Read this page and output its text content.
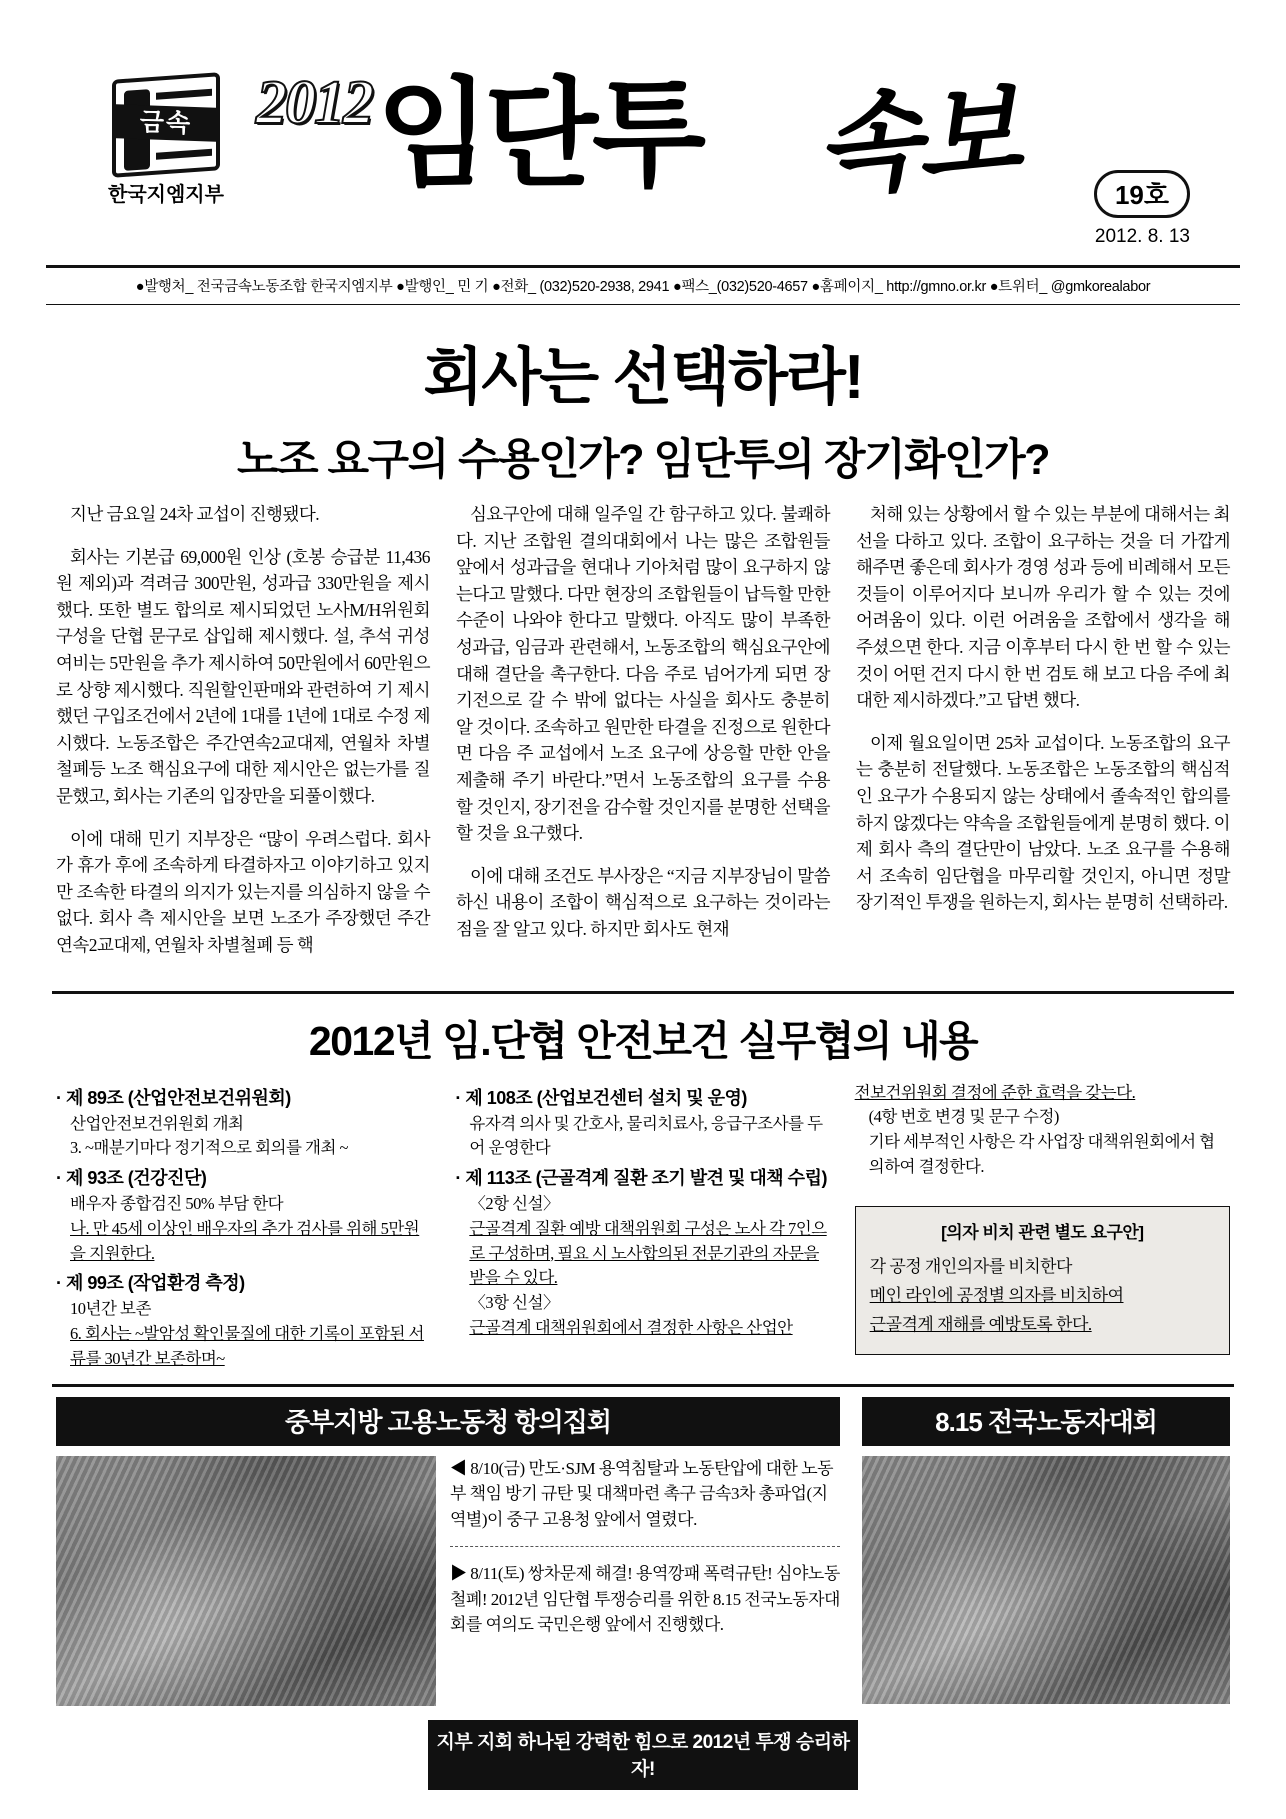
금속
한국지엠지부
2012 임단투 속보	19호
2012. 8. 13
●발행처_ 전국금속노동조합 한국지엠지부 ●발행인_ 민 기 ●전화_ (032)520-2938, 2941 ●팩스_(032)520-4657 ●홈페이지_ http://gmno.or.kr ●트위터_ @gmkorealabor
회사는 선택하라!
노조 요구의 수용인가? 임단투의 장기화인가?

지난 금요일 24차 교섭이 진행됐다.

회사는 기본급 69,000원 인상 (호봉 승급분 11,436원 제외)과 격려금 300만원, 성과급 330만원을 제시했다. 또한 별도 합의로 제시되었던 노사M/H위원회 구성을 단협 문구로 삽입해 제시했다. 설, 추석 귀성여비는 5만원을 추가 제시하여 50만원에서 60만원으로 상향 제시했다. 직원할인판매와 관련하여 기 제시했던 구입조건에서 2년에 1대를 1년에 1대로 수정 제시했다. 노동조합은 주간연속2교대제, 연월차 차별 철폐등 노조 핵심요구에 대한 제시안은 없는가를 질문했고, 회사는 기존의 입장만을 되풀이했다.

이에 대해 민기 지부장은 “많이 우려스럽다. 회사가 휴가 후에 조속하게 타결하자고 이야기하고 있지만 조속한 타결의 의지가 있는지를 의심하지 않을 수 없다. 회사 측 제시안을 보면 노조가 주장했던 주간연속2교대제, 연월차 차별철폐 등 핵

심요구안에 대해 일주일 간 함구하고 있다. 불쾌하다. 지난 조합원 결의대회에서 나는 많은 조합원들 앞에서 성과급을 현대나 기아처럼 많이 요구하지 않는다고 말했다. 다만 현장의 조합원들이 납득할 만한 수준이 나와야 한다고 말했다. 아직도 많이 부족한 성과급, 임금과 관련해서, 노동조합의 핵심요구안에 대해 결단을 촉구한다. 다음 주로 넘어가게 되면 장기전으로 갈 수 밖에 없다는 사실을 회사도 충분히 알 것이다. 조속하고 원만한 타결을 진정으로 원한다면 다음 주 교섭에서 노조 요구에 상응할 만한 안을 제출해 주기 바란다.”면서 노동조합의 요구를 수용할 것인지, 장기전을 감수할 것인지를 분명한 선택을 할 것을 요구했다.

이에 대해 조건도 부사장은 “지금 지부장님이 말씀하신 내용이 조합이 핵심적으로 요구하는 것이라는 점을 잘 알고 있다. 하지만 회사도 현재

처해 있는 상황에서 할 수 있는 부분에 대해서는 최선을 다하고 있다. 조합이 요구하는 것을 더 가깝게 해주면 좋은데 회사가 경영 성과 등에 비례해서 모든 것들이 이루어지다 보니까 우리가 할 수 있는 것에 어려움이 있다. 이런 어려움을 조합에서 생각을 해 주셨으면 한다. 지금 이후부터 다시 한 번 할 수 있는 것이 어떤 건지 다시 한 번 검토 해 보고 다음 주에 최대한 제시하겠다.”고 답변 했다.

이제 월요일이면 25차 교섭이다. 노동조합의 요구는 충분히 전달했다. 노동조합은 노동조합의 핵심적인 요구가 수용되지 않는 상태에서 졸속적인 합의를 하지 않겠다는 약속을 조합원들에게 분명히 했다. 이제 회사 측의 결단만이 남았다. 노조 요구를 수용해서 조속히 임단협을 마무리할 것인지, 아니면 정말 장기적인 투쟁을 원하는지, 회사는 분명히 선택하라.

2012년 임.단협 안전보건 실무협의 내용
· 제 89조 (산업안전보건위원회)
산업안전보건위원회 개최
3. ~매분기마다 정기적으로 회의를 개최 ~
· 제 93조 (건강진단)
배우자 종합검진 50% 부담 한다
나. 만 45세 이상인 배우자의 추가 검사를 위해 5만원을 지원한다.
· 제 99조 (작업환경 측정)
10년간 보존
6. 회사는 ~발암성 확인물질에 대한 기록이 포함된 서류를 30년간 보존하며~
· 제 108조 (산업보건센터 설치 및 운영)
유자격 의사 및 간호사, 물리치료사, 응급구조사를 두어 운영한다
· 제 113조 (근골격계 질환 조기 발견 및 대책 수립)
〈2항 신설〉
근골격계 질환 예방 대책위원회 구성은 노사 각 7인으로 구성하며, 필요 시 노사합의된 전문기관의 자문을 받을 수 있다.
〈3항 신설〉
근골격계 대책위원회에서 결정한 사항은 산업안
전보건위원회 결정에 준한 효력을 갖는다.
(4항 번호 변경 및 문구 수정)
기타 세부적인 사항은 각 사업장 대책위원회에서 협의하여 결정한다.
[의자 비치 관련 별도 요구안]
각 공정 개인의자를 비치한다
메인 라인에 공정별 의자를 비치하여
근골격계 재해를 예방토록 한다.
중부지방 고용노동청 항의집회

◀ 8/10(금) 만도·SJM 용역침탈과 노동탄압에 대한 노동부 책임 방기 규탄 및 대책마련 촉구 금속3차 총파업(지역별)이 중구 고용청 앞에서 열렸다.

▶ 8/11(토) 쌍차문제 해결! 용역깡패 폭력규탄! 심야노동철폐! 2012년 임단협 투쟁승리를 위한 8.15 전국노동자대회를 여의도 국민은행 앞에서 진행했다.

8.15 전국노동자대회
지부 지회 하나된 강력한 힘으로 2012년 투쟁 승리하자!
